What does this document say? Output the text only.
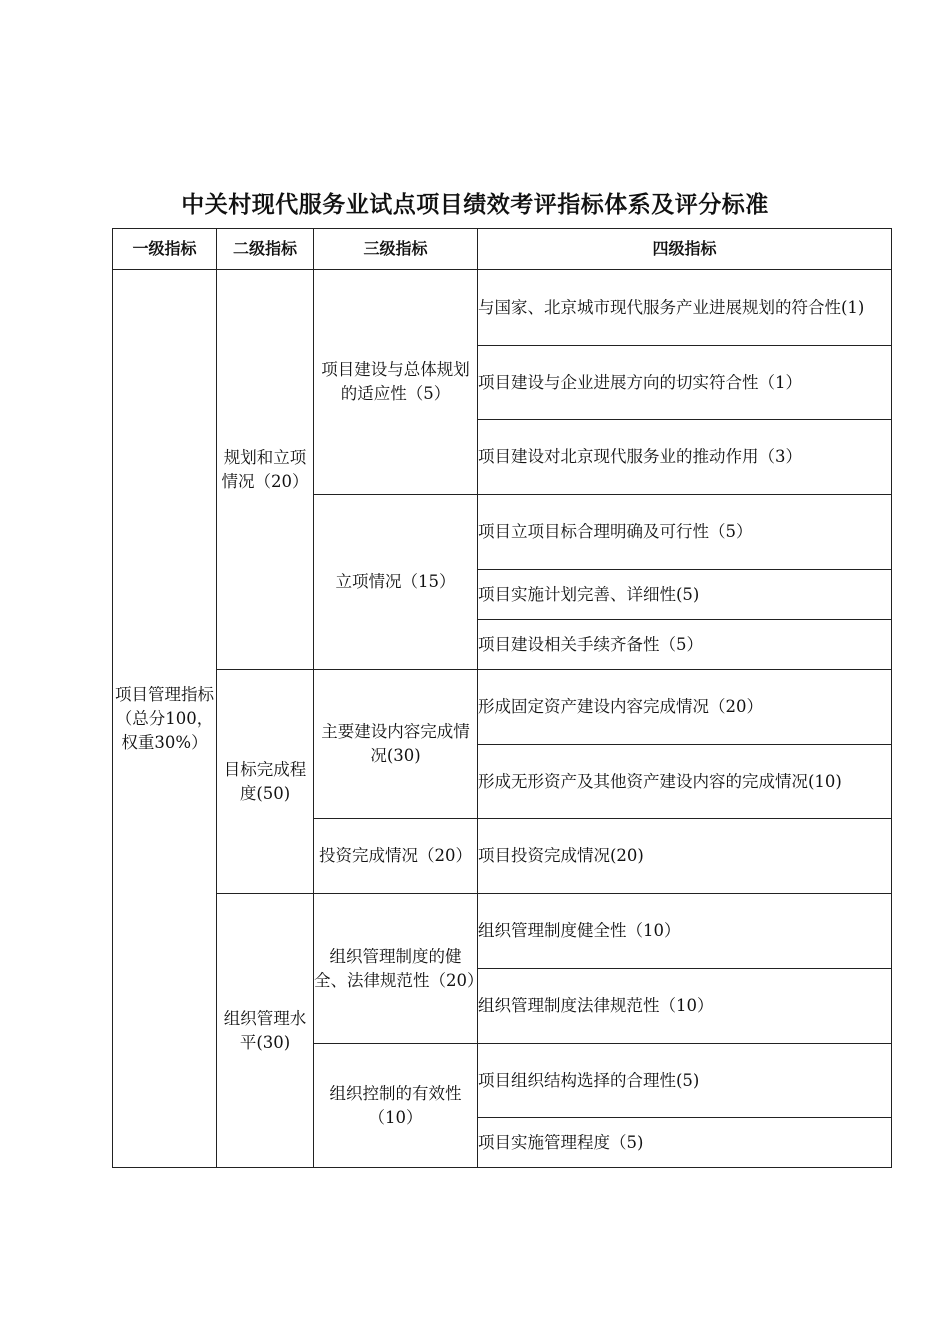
中关村现代服务业试点项目绩效考评指标体系及评分标准
一级指标	二级指标	三级指标	四级指标
项目管理指标（总分100，权重30%）	规划和立项情况（20）	项目建设与总体规划的适应性（5）	与国家、北京城市现代服务产业进展规划的符合性(1)
			项目建设与企业进展方向的切实符合性（1）
			项目建设对北京现代服务业的推动作用（3）
		立项情况（15）	项目立项目标合理明确及可行性（5）
			项目实施计划完善、详细性(5)
			项目建设相关手续齐备性（5）
	目标完成程度(50)	主要建设内容完成情况(30)	形成固定资产建设内容完成情况（20）
			形成无形资产及其他资产建设内容的完成情况(10)
		投资完成情况（20）	项目投资完成情况(20)
	组织管理水平(30)	组织管理制度的健全、法律规范性（20）	组织管理制度健全性（10）
			组织管理制度法律规范性（10）
		组织控制的有效性（10）	项目组织结构选择的合理性(5)
			项目实施管理程度（5)
